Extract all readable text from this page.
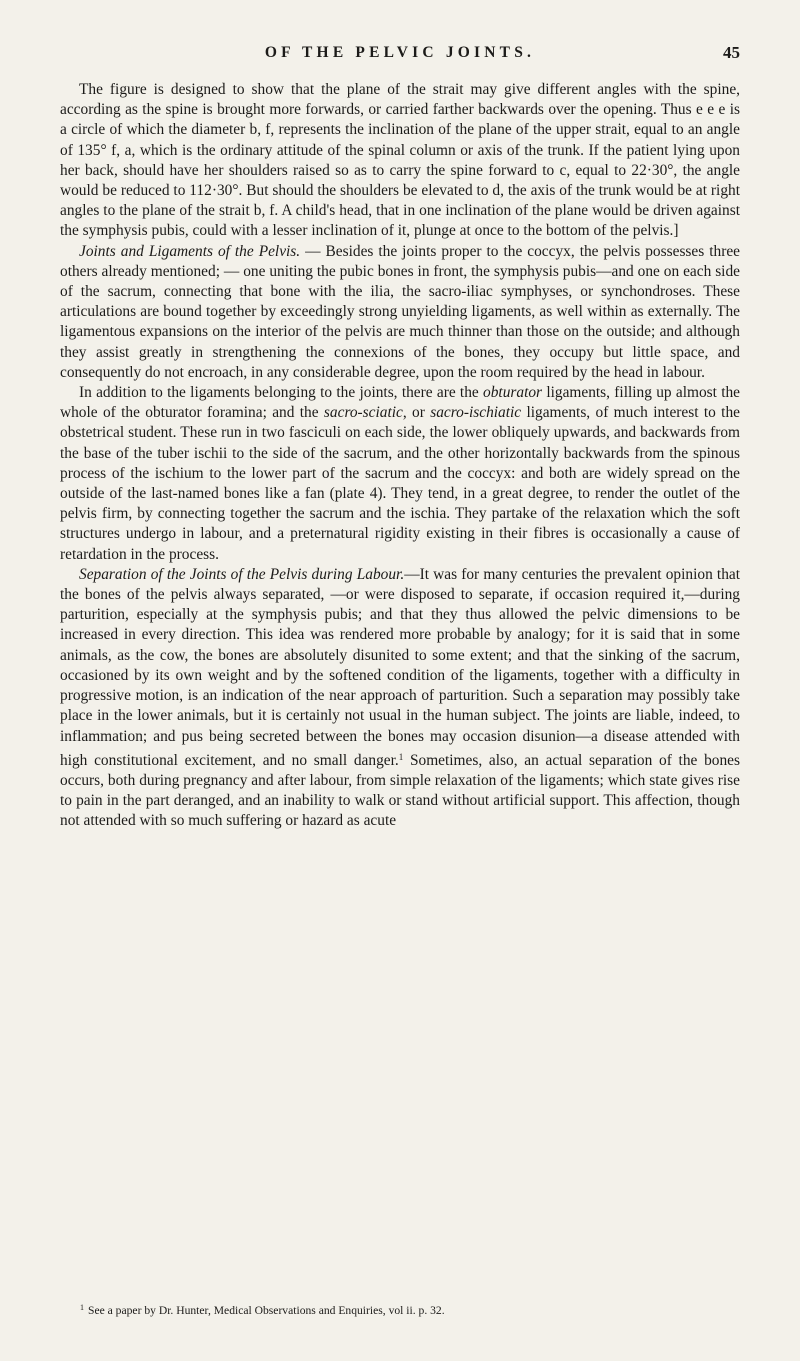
OF THE PELVIC JOINTS.	45

The figure is designed to show that the plane of the strait may give different angles with the spine, according as the spine is brought more forwards, or carried farther backwards over the opening. Thus e e e is a circle of which the diameter b, f, represents the inclination of the plane of the upper strait, equal to an angle of 135° f, a, which is the ordinary attitude of the spinal column or axis of the trunk. If the patient lying upon her back, should have her shoulders raised so as to carry the spine forward to c, equal to 22·30°, the angle would be reduced to 112·30°. But should the shoulders be elevated to d, the axis of the trunk would be at right angles to the plane of the strait b, f. A child's head, that in one inclination of the plane would be driven against the symphysis pubis, could with a lesser inclination of it, plunge at once to the bottom of the pelvis.]

Joints and Ligaments of the Pelvis. — Besides the joints proper to the coccyx, the pelvis possesses three others already mentioned; — one uniting the pubic bones in front, the symphysis pubis—and one on each side of the sacrum, connecting that bone with the ilia, the sacro-iliac symphyses, or synchondroses. These articulations are bound together by exceedingly strong unyielding ligaments, as well within as externally. The ligamentous expansions on the interior of the pelvis are much thinner than those on the outside; and although they assist greatly in strengthening the connexions of the bones, they occupy but little space, and consequently do not encroach, in any considerable degree, upon the room required by the head in labour.

In addition to the ligaments belonging to the joints, there are the obturator ligaments, filling up almost the whole of the obturator foramina; and the sacro-sciatic, or sacro-ischiatic ligaments, of much interest to the obstetrical student. These run in two fasciculi on each side, the lower obliquely upwards, and backwards from the base of the tuber ischii to the side of the sacrum, and the other horizontally backwards from the spinous process of the ischium to the lower part of the sacrum and the coccyx: and both are widely spread on the outside of the last-named bones like a fan (plate 4). They tend, in a great degree, to render the outlet of the pelvis firm, by connecting together the sacrum and the ischia. They partake of the relaxation which the soft structures undergo in labour, and a preternatural rigidity existing in their fibres is occasionally a cause of retardation in the process.

Separation of the Joints of the Pelvis during Labour.—It was for many centuries the prevalent opinion that the bones of the pelvis always separated, —or were disposed to separate, if occasion required it,—during parturition, especially at the symphysis pubis; and that they thus allowed the pelvic dimensions to be increased in every direction. This idea was rendered more probable by analogy; for it is said that in some animals, as the cow, the bones are absolutely disunited to some extent; and that the sinking of the sacrum, occasioned by its own weight and by the softened condition of the ligaments, together with a difficulty in progressive motion, is an indication of the near approach of parturition. Such a separation may possibly take place in the lower animals, but it is certainly not usual in the human subject. The joints are liable, indeed, to inflammation; and pus being secreted between the bones may occasion disunion—a disease attended with high constitutional excitement, and no small danger.$^1$ Sometimes, also, an actual separation of the bones occurs, both during pregnancy and after labour, from simple relaxation of the ligaments; which state gives rise to pain in the part deranged, and an inability to walk or stand without artificial support. This affection, though not attended with so much suffering or hazard as acute

$^1$ See a paper by Dr. Hunter, Medical Observations and Enquiries, vol ii. p. 32.
